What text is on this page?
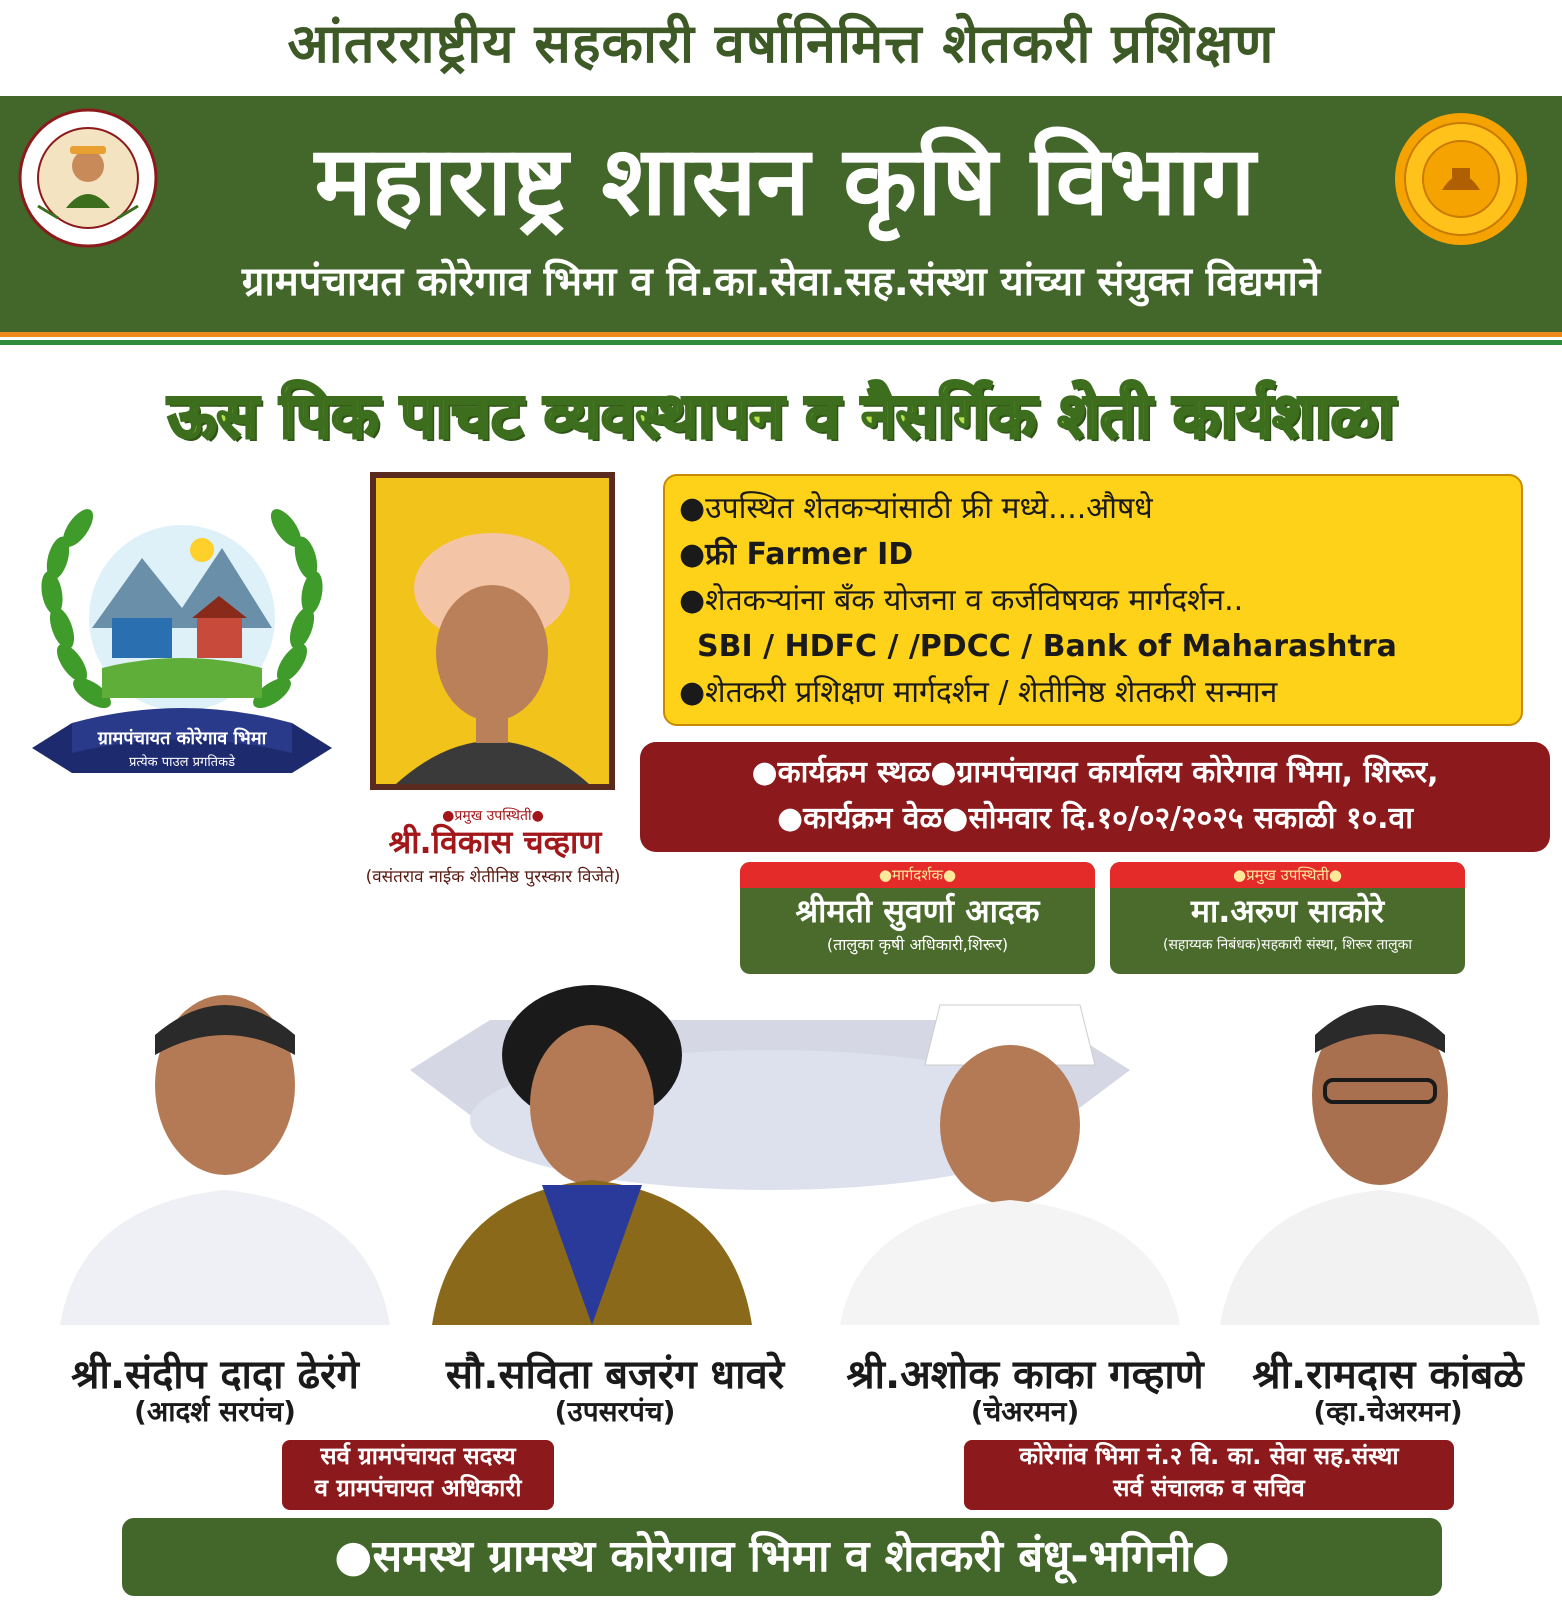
आंतरराष्ट्रीय सहकारी वर्षानिमित्त शेतकरी प्रशिक्षण
महाराष्ट्र शासन कृषि विभाग
ग्रामपंचायत कोरेगाव भिमा व वि.का.सेवा.सह.संस्था यांच्या संयुक्त विद्यमाने
ऊस पिक पाचट व्यवस्थापन व नैसर्गिक शेती कार्यशाळा
ग्रामपंचायत कोरेगाव भिमा
प्रत्येक पाउल प्रगतिकडे
●प्रमुख उपस्थिती●
श्री.विकास चव्हाण
(वसंतराव नाईक शेतीनिष्ठ पुरस्कार विजेते)
●उपस्थित शेतकऱ्यांसाठी फ्री मध्ये....औषधे
●फ्री Farmer ID
●शेतकऱ्यांना बँक योजना व कर्जविषयक मार्गदर्शन..
SBI / HDFC / /PDCC / Bank of Maharashtra
●शेतकरी प्रशिक्षण मार्गदर्शन / शेतीनिष्ठ शेतकरी सन्मान
●कार्यक्रम स्थळ●ग्रामपंचायत कार्यालय कोरेगाव भिमा, शिरूर,
●कार्यक्रम वेळ●सोमवार दि.१०/०२/२०२५ सकाळी १०.वा
●मार्गदर्शक●
श्रीमती सुवर्णा आदक
(तालुका कृषी अधिकारी,शिरूर)
●प्रमुख उपस्थिती●
मा.अरुण साकोरे
(सहाय्यक निबंधक)सहकारी संस्था, शिरूर तालुका
श्री.संदीप दादा ढेरंगे
(आदर्श सरपंच)
सौ.सविता बजरंग धावरे
(उपसरपंच)
श्री.अशोक काका गव्हाणे
(चेअरमन)
श्री.रामदास कांबळे
(व्हा.चेअरमन)
सर्व ग्रामपंचायत सदस्य
व ग्रामपंचायत अधिकारी
कोरेगांव भिमा नं.२ वि. का. सेवा सह.संस्था
सर्व संचालक व सचिव
●समस्थ ग्रामस्थ कोरेगाव भिमा व शेतकरी बंधू-भगिनी●
